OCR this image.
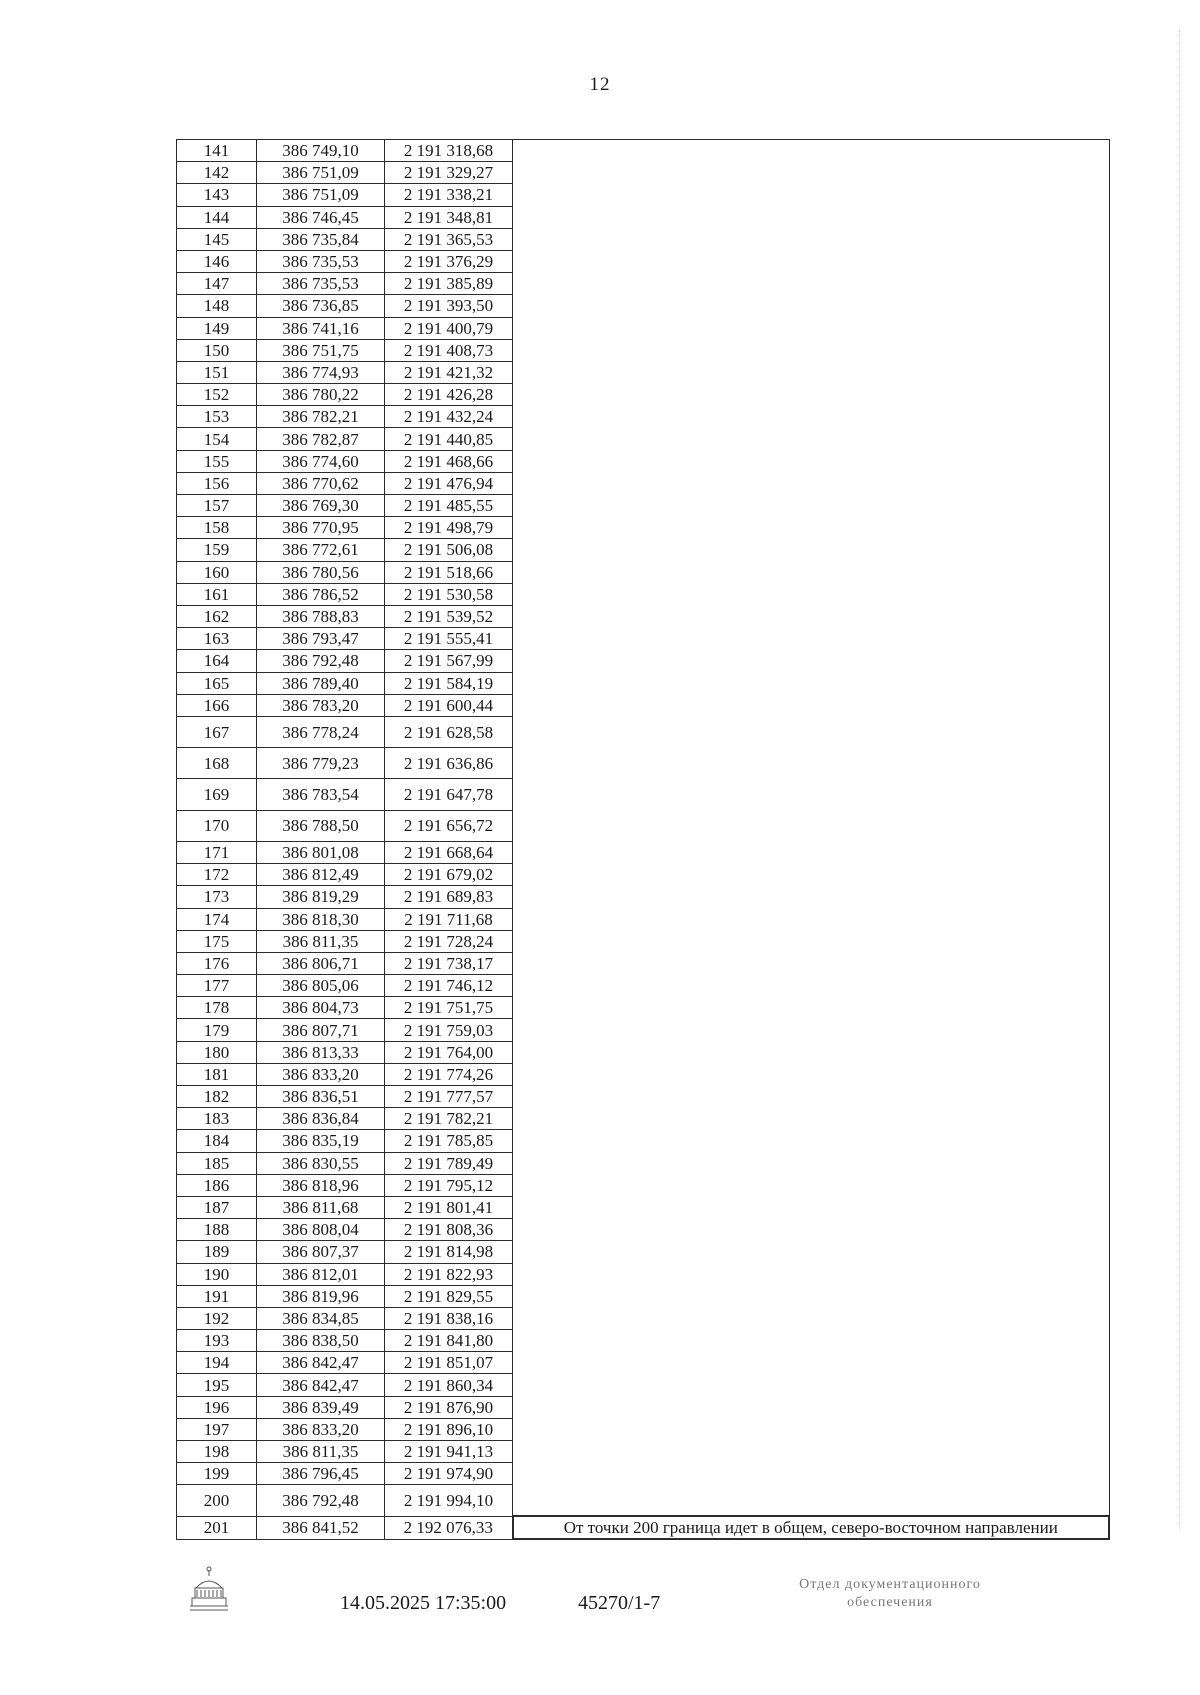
12
141	386 749,10	2 191 318,68	
142	386 751,09	2 191 329,27	
143	386 751,09	2 191 338,21	
144	386 746,45	2 191 348,81	
145	386 735,84	2 191 365,53	
146	386 735,53	2 191 376,29	
147	386 735,53	2 191 385,89	
148	386 736,85	2 191 393,50	
149	386 741,16	2 191 400,79	
150	386 751,75	2 191 408,73	
151	386 774,93	2 191 421,32	
152	386 780,22	2 191 426,28	
153	386 782,21	2 191 432,24	
154	386 782,87	2 191 440,85	
155	386 774,60	2 191 468,66	
156	386 770,62	2 191 476,94	
157	386 769,30	2 191 485,55	
158	386 770,95	2 191 498,79	
159	386 772,61	2 191 506,08	
160	386 780,56	2 191 518,66	
161	386 786,52	2 191 530,58	
162	386 788,83	2 191 539,52	
163	386 793,47	2 191 555,41	
164	386 792,48	2 191 567,99	
165	386 789,40	2 191 584,19	
166	386 783,20	2 191 600,44	
167	386 778,24	2 191 628,58	
168	386 779,23	2 191 636,86	
169	386 783,54	2 191 647,78	
170	386 788,50	2 191 656,72	
171	386 801,08	2 191 668,64	
172	386 812,49	2 191 679,02	
173	386 819,29	2 191 689,83	
174	386 818,30	2 191 711,68	
175	386 811,35	2 191 728,24	
176	386 806,71	2 191 738,17	
177	386 805,06	2 191 746,12	
178	386 804,73	2 191 751,75	
179	386 807,71	2 191 759,03	
180	386 813,33	2 191 764,00	
181	386 833,20	2 191 774,26	
182	386 836,51	2 191 777,57	
183	386 836,84	2 191 782,21	
184	386 835,19	2 191 785,85	
185	386 830,55	2 191 789,49	
186	386 818,96	2 191 795,12	
187	386 811,68	2 191 801,41	
188	386 808,04	2 191 808,36	
189	386 807,37	2 191 814,98	
190	386 812,01	2 191 822,93	
191	386 819,96	2 191 829,55	
192	386 834,85	2 191 838,16	
193	386 838,50	2 191 841,80	
194	386 842,47	2 191 851,07	
195	386 842,47	2 191 860,34	
196	386 839,49	2 191 876,90	
197	386 833,20	2 191 896,10	
198	386 811,35	2 191 941,13	
199	386 796,45	2 191 974,90	
200	386 792,48	2 191 994,10	
201	386 841,52	2 192 076,33	От точки 200 граница идет в общем, северо-восточном направлении
14.05.2025 17:35:00	45270/1-7
Отдел документационного
обеспечения
